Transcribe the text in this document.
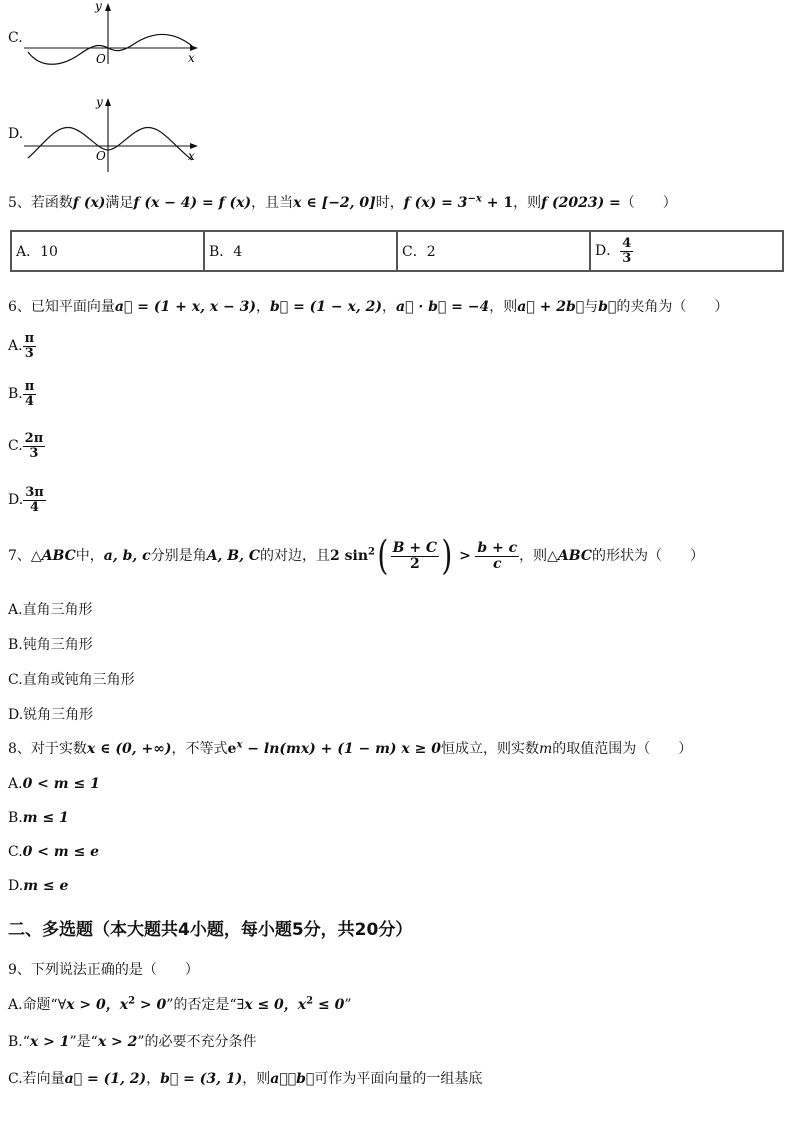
C.
y
x
O
D.
y
x
O
5、若函数f (x)满足f (x − 4) = f (x)，且当x ∈ [−2, 0]时，f $(x) = 3^{-x} + 1$，则f (2023) =（　　）
A．10	B．4	C．2	D． $\frac{4}{3}$
6、已知平面向量a⃗ = (1 + x, x − 3)，b⃗ = (1 − x, 2)，a⃗ · b⃗ = −4，则a⃗ + 2b⃗与b⃗的夹角为（　　）
A. $\frac{\pi}{3}$
B. $\frac{\pi}{4}$
C. $\frac{2\pi}{3}$
D. $\frac{3\pi}{4}$
7、△ABC中，a, b, c分别是角A, B, C的对边，且2 $\sin^2( \frac{B + C}{2}$ ) > $\frac{b + c}{c}$ ，则△ABC的形状为（　　）
A.直角三角形
B.钝角三角形
C.直角或钝角三角形
D.锐角三角形
8、对于实数x ∈ (0, +∞)，不等式$e^x - \ln(mx) + (1 - m) x \ge 0$恒成立，则实数m的取值范围为（　　）
A.0 < m ≤ 1
B.m ≤ 1
C.0 < m ≤ e
D.m ≤ e
二、多选题（本大题共4小题，每小题5分，共20分）
9、下列说法正确的是（　　）
A.命题“∀x > 0，$x^2 > 0$”的否定是“∃x ≤ 0，$x^2 \le 0$”
B.“x > 1”是“x > 2”的必要不充分条件
C.若向量a⃗ = (1, 2)，b⃗ = (3, 1)，则a⃗，b⃗可作为平面向量的一组基底
